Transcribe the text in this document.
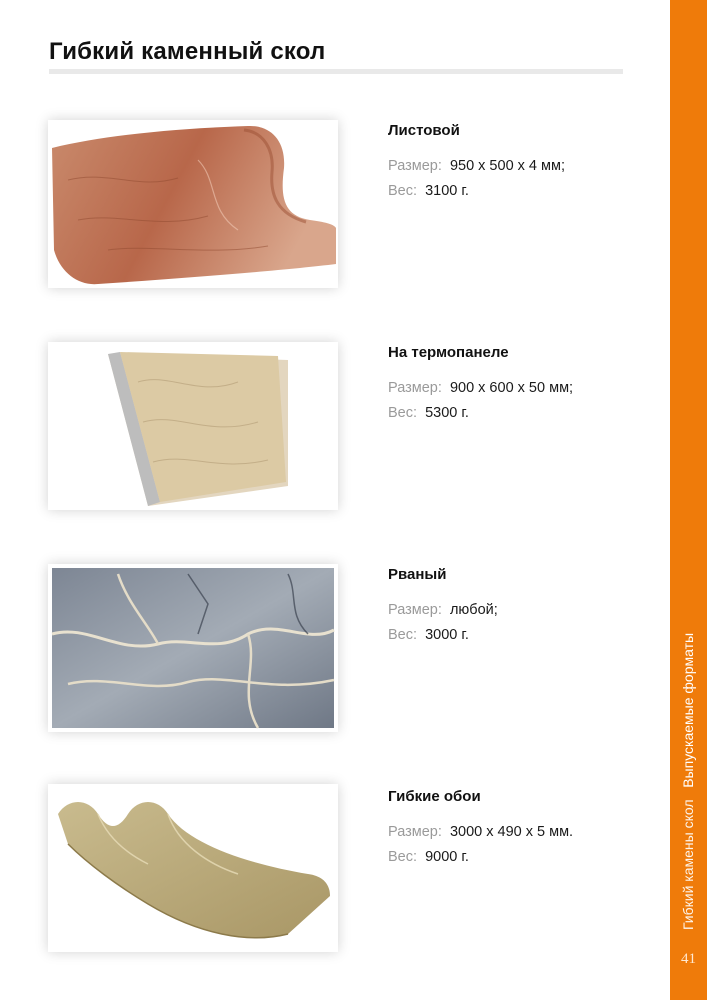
Гибкий каменный скол

Листовой

Размер: 950 х 500 х 4 мм;
Вес: 3100 г.

На термопанеле

Размер: 900 х 600 х 50 мм;
Вес: 5300 г.

Рваный

Размер: любой;
Вес: 3000 г.

Гибкие обои

Размер: 3000 х 490 х 5 мм.
Вес: 9000 г.	Гибкий камены скол   Выпускаемые форматы
41
